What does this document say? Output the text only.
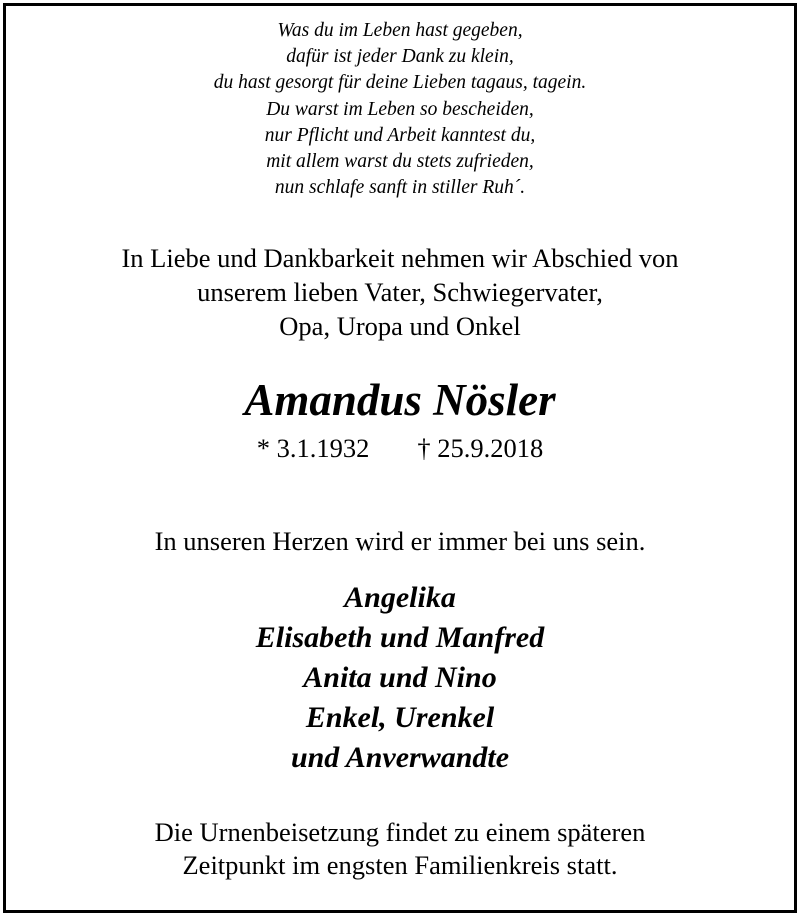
Was du im Leben hast gegeben,
dafür ist jeder Dank zu klein,
du hast gesorgt für deine Lieben tagaus, tagein.
Du warst im Leben so bescheiden,
nur Pflicht und Arbeit kanntest du,
mit allem warst du stets zufrieden,
nun schlafe sanft in stiller Ruh´.
In Liebe und Dankbarkeit nehmen wir Abschied von
unserem lieben Vater, Schwiegervater,
Opa, Uropa und Onkel
Amandus Nösler
* 3.1.1932 † 25.9.2018
In unseren Herzen wird er immer bei uns sein.
Angelika
Elisabeth und Manfred
Anita und Nino
Enkel, Urenkel
und Anverwandte
Die Urnenbeisetzung findet zu einem späteren
Zeitpunkt im engsten Familienkreis statt.
